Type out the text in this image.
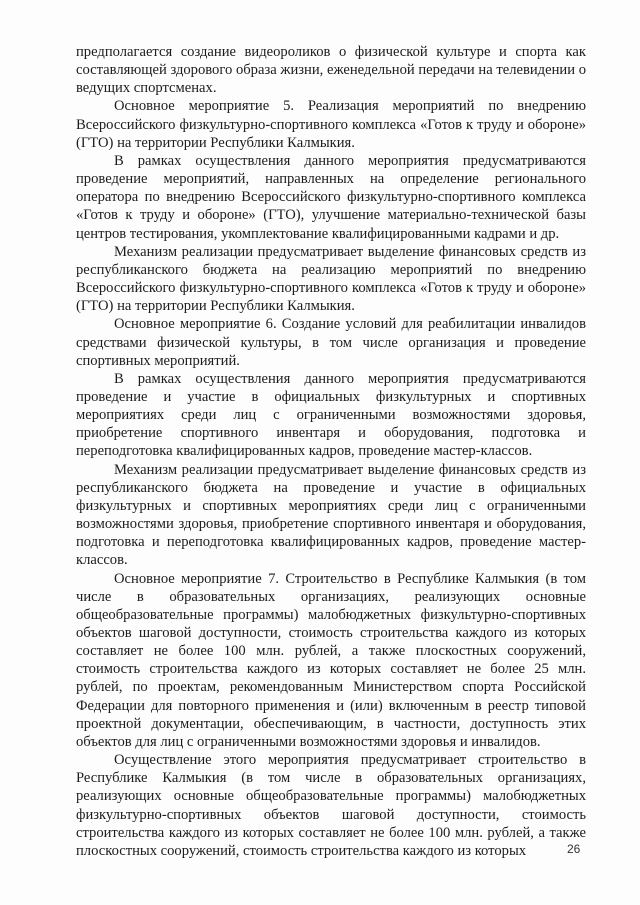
предполагается создание видеороликов о физической культуре и спорта как составляющей здорового образа жизни, еженедельной передачи на телевидении о ведущих спортсменах.

Основное мероприятие 5. Реализация мероприятий по внедрению Всероссийского физкультурно-спортивного комплекса «Готов к труду и обороне» (ГТО) на территории Республики Калмыкия.

В рамках осуществления данного мероприятия предусматриваются проведение мероприятий, направленных на определение регионального оператора по внедрению Всероссийского физкультурно-спортивного комплекса «Готов к труду и обороне» (ГТО), улучшение материально-технической базы центров тестирования, укомплектование квалифицированными кадрами и др.

Механизм реализации предусматривает выделение финансовых средств из республиканского бюджета на реализацию мероприятий по внедрению Всероссийского физкультурно-спортивного комплекса «Готов к труду и обороне» (ГТО) на территории Республики Калмыкия.

Основное мероприятие 6. Создание условий для реабилитации инвалидов средствами физической культуры, в том числе организация и проведение спортивных мероприятий.

В рамках осуществления данного мероприятия предусматриваются проведение и участие в официальных физкультурных и спортивных мероприятиях среди лиц с ограниченными возможностями здоровья, приобретение спортивного инвентаря и оборудования, подготовка и переподготовка квалифицированных кадров, проведение мастер-классов.

Механизм реализации предусматривает выделение финансовых средств из республиканского бюджета на проведение и участие в официальных физкультурных и спортивных мероприятиях среди лиц с ограниченными возможностями здоровья, приобретение спортивного инвентаря и оборудования, подготовка и переподготовка квалифицированных кадров, проведение мастер-классов.

Основное мероприятие 7. Строительство в Республике Калмыкия (в том числе в образовательных организациях, реализующих основные общеобразовательные программы) малобюджетных физкультурно-спортивных объектов шаговой доступности, стоимость строительства каждого из которых составляет не более 100 млн. рублей, а также плоскостных сооружений, стоимость строительства каждого из которых составляет не более 25 млн. рублей, по проектам, рекомендованным Министерством спорта Российской Федерации для повторного применения и (или) включенным в реестр типовой проектной документации, обеспечивающим, в частности, доступность этих объектов для лиц с ограниченными возможностями здоровья и инвалидов.

Осуществление этого мероприятия предусматривает строительство в Республике Калмыкия (в том числе в образовательных организациях, реализующих основные общеобразовательные программы) малобюджетных физкультурно-спортивных объектов шаговой доступности, стоимость строительства каждого из которых составляет не более 100 млн. рублей, а также плоскостных сооружений, стоимость строительства каждого из которых	26
